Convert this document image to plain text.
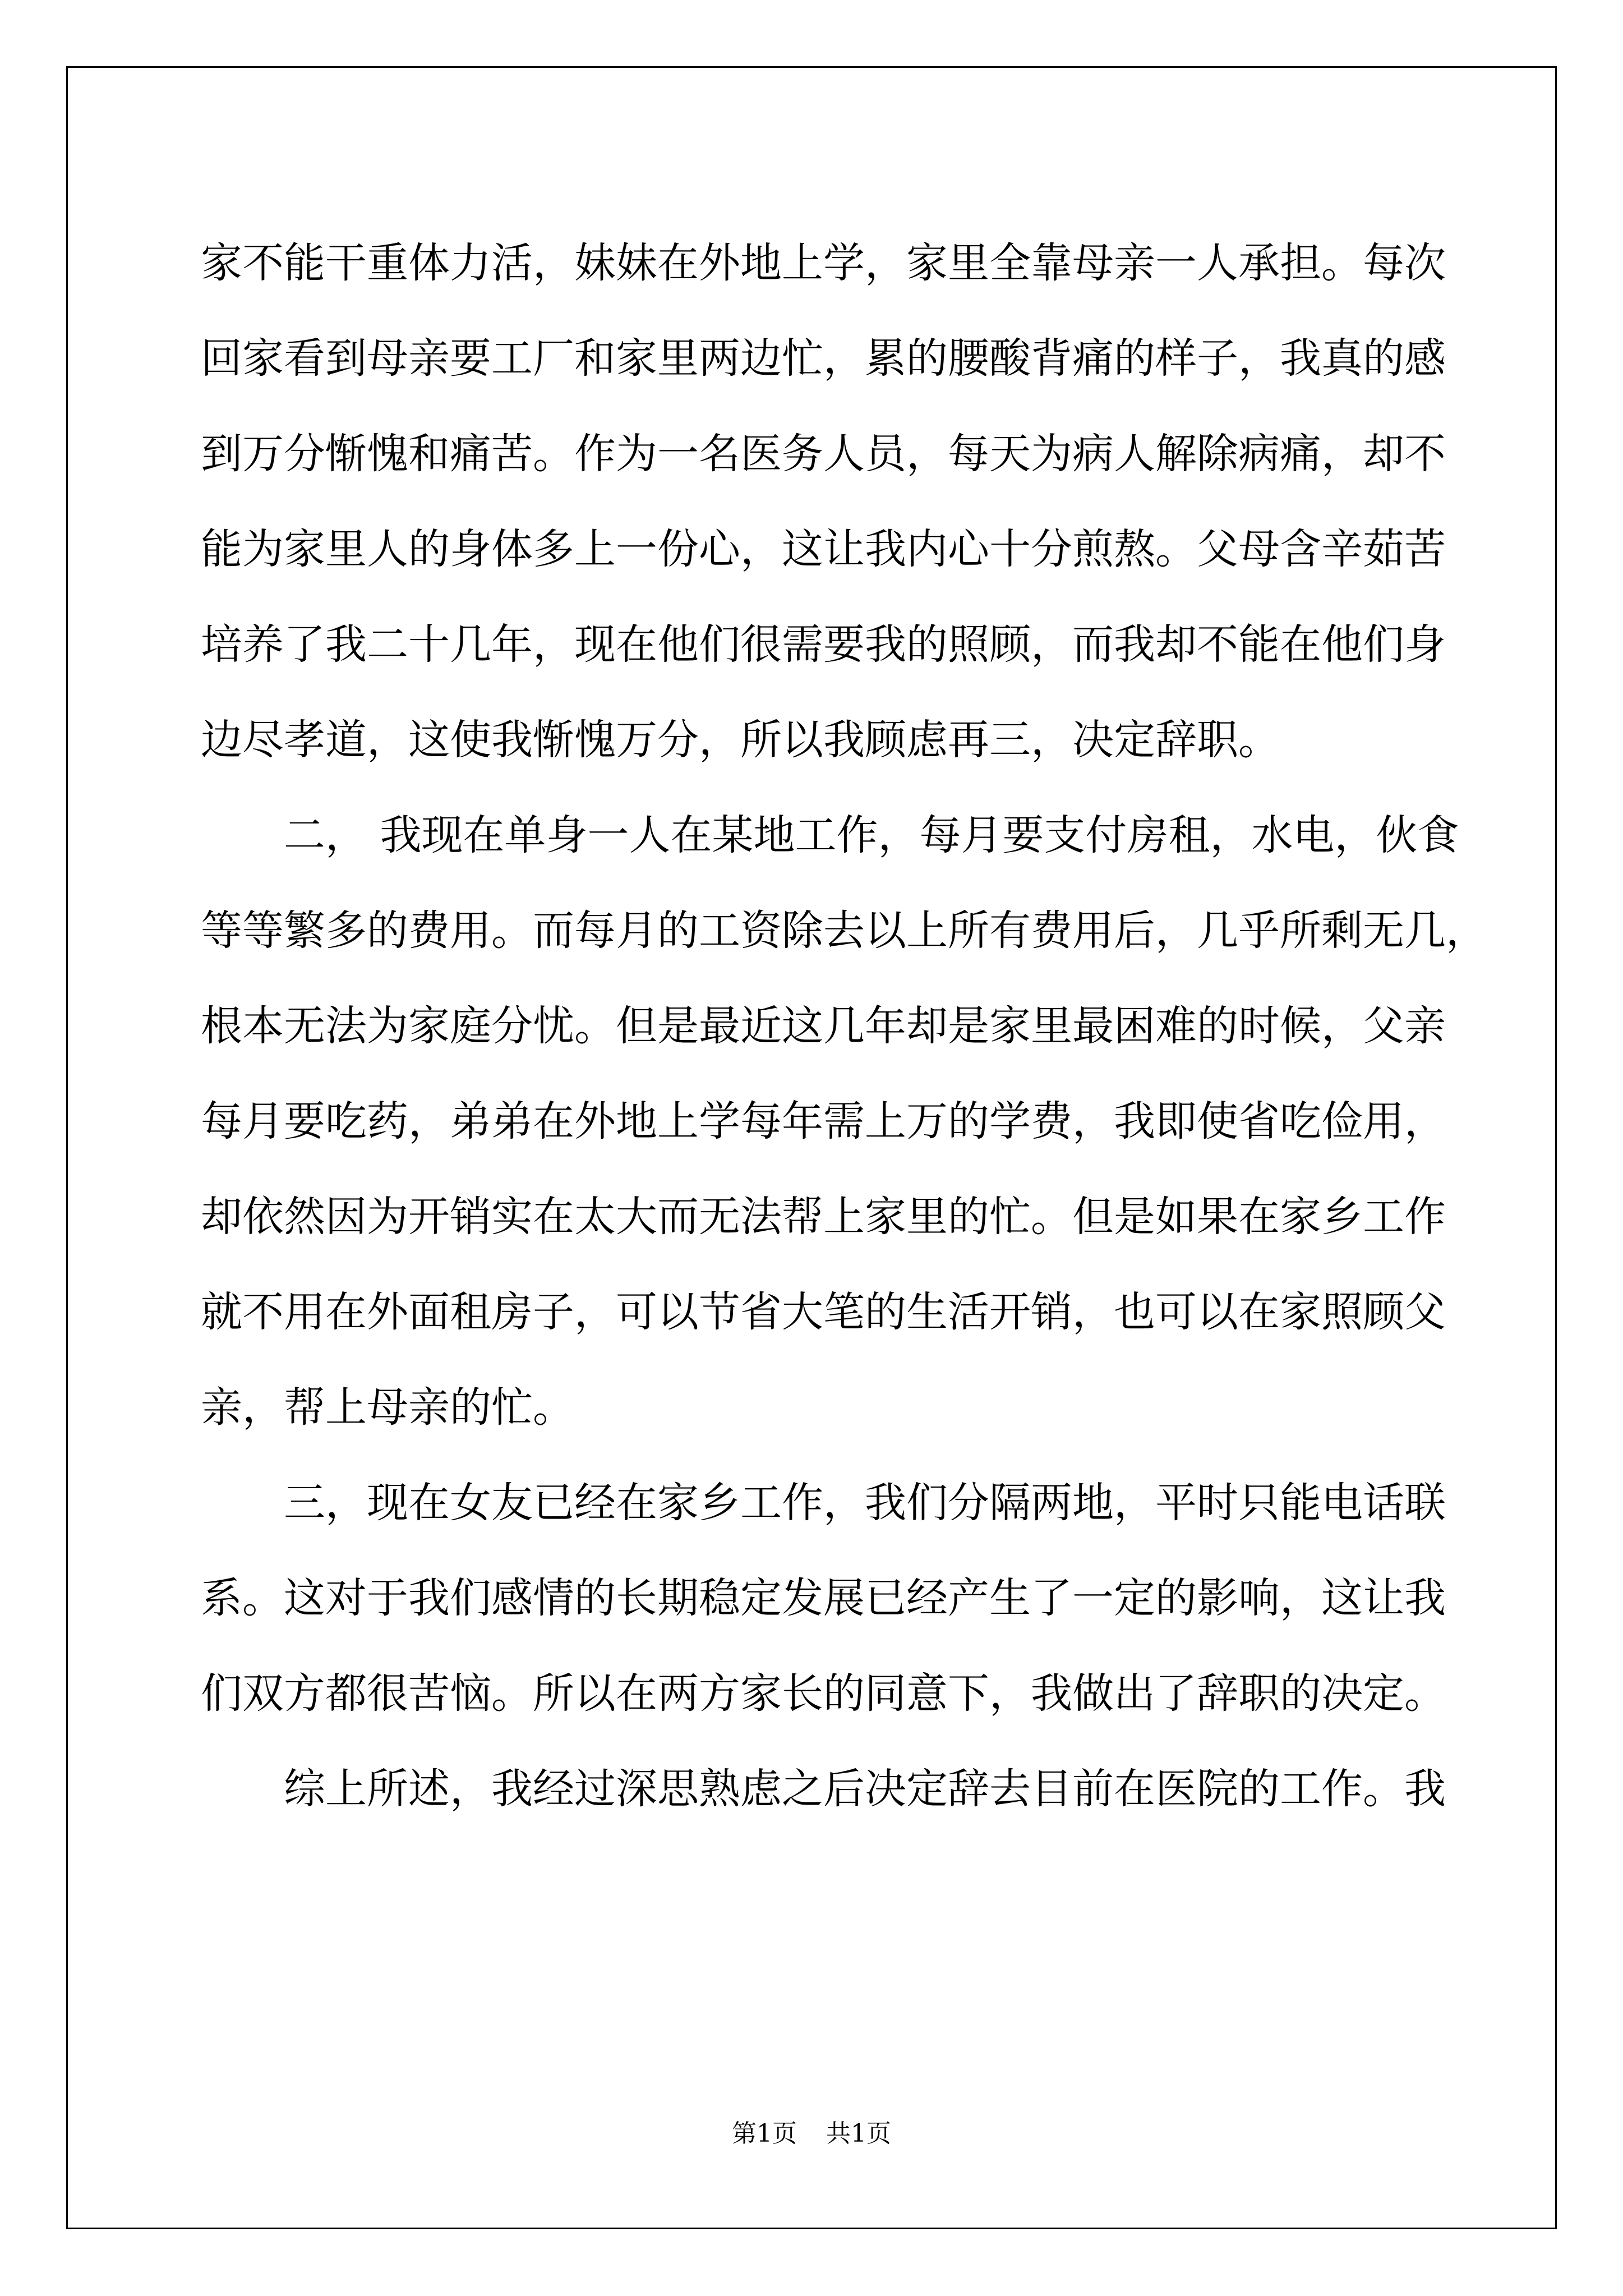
家不能干重体力活，妹妹在外地上学，家里全靠母亲一人承担。每次
回家看到母亲要工厂和家里两边忙，累的腰酸背痛的样子，我真的感
到万分惭愧和痛苦。作为一名医务人员，每天为病人解除病痛，却不
能为家里人的身体多上一份心，这让我内心十分煎熬。父母含辛茹苦
培养了我二十几年，现在他们很需要我的照顾，而我却不能在他们身
边尽孝道，这使我惭愧万分，所以我顾虑再三，决定辞职。
二， 我现在单身一人在某地工作，每月要支付房租，水电，伙食
等等繁多的费用。而每月的工资除去以上所有费用后，几乎所剩无几，
根本无法为家庭分忧。但是最近这几年却是家里最困难的时候，父亲
每月要吃药，弟弟在外地上学每年需上万的学费，我即使省吃俭用，
却依然因为开销实在太大而无法帮上家里的忙。但是如果在家乡工作
就不用在外面租房子，可以节省大笔的生活开销，也可以在家照顾父
亲，帮上母亲的忙。
三，现在女友已经在家乡工作，我们分隔两地，平时只能电话联
系。这对于我们感情的长期稳定发展已经产生了一定的影响，这让我
们双方都很苦恼。所以在两方家长的同意下，我做出了辞职的决定。
综上所述，我经过深思熟虑之后决定辞去目前在医院的工作。我
第1页 共1页
